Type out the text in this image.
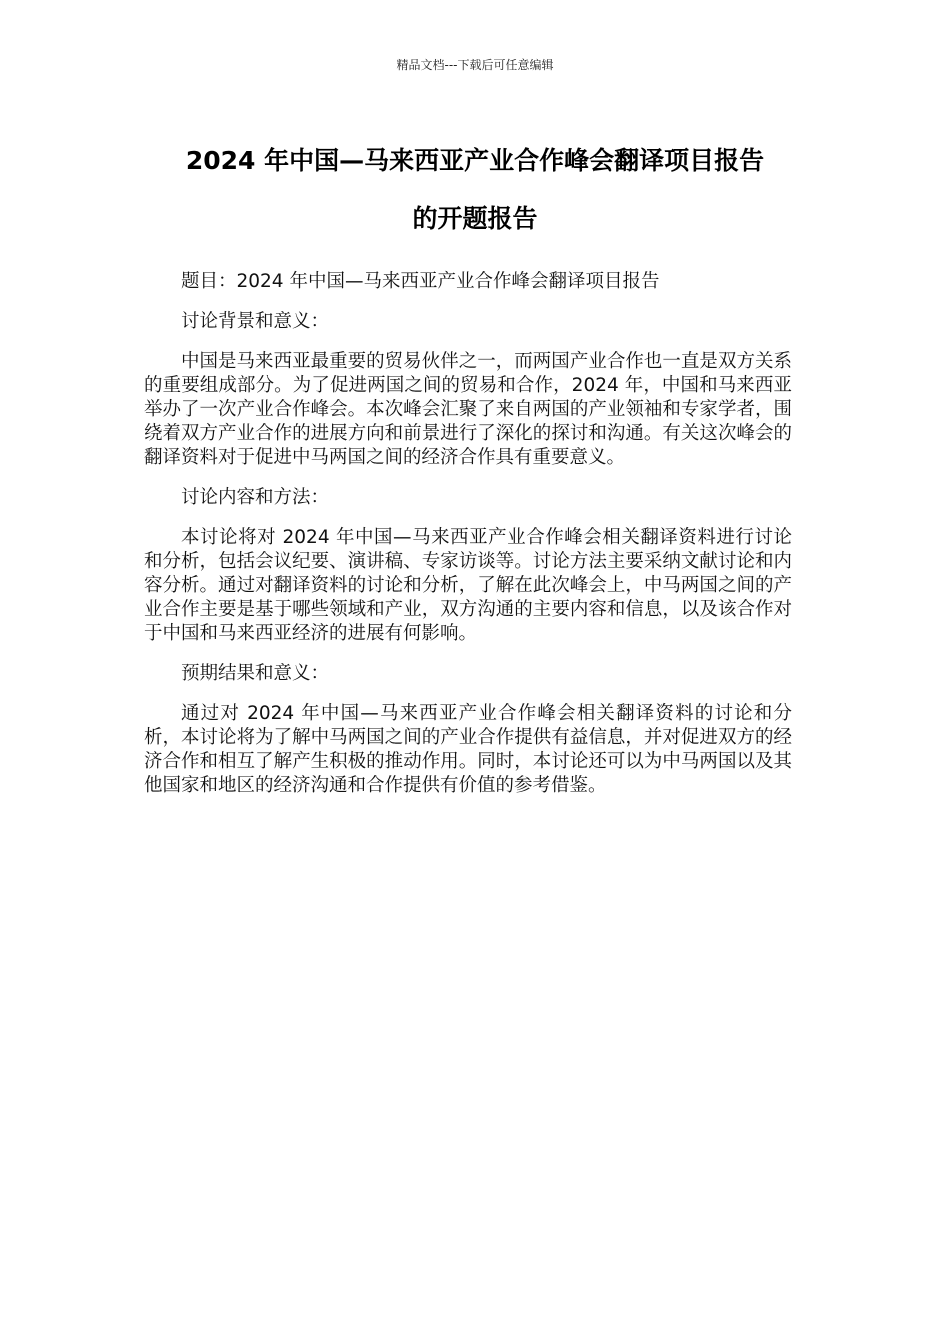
精品文档---下载后可任意编辑
2024 年中国—马来西亚产业合作峰会翻译项目报告
的开题报告

题目：2024 年中国—马来西亚产业合作峰会翻译项目报告

讨论背景和意义：

中国是马来西亚最重要的贸易伙伴之一，而两国产业合作也一直是双方关系的重要组成部分。为了促进两国之间的贸易和合作，2024 年，中国和马来西亚举办了一次产业合作峰会。本次峰会汇聚了来自两国的产业领袖和专家学者，围绕着双方产业合作的进展方向和前景进行了深化的探讨和沟通。有关这次峰会的翻译资料对于促进中马两国之间的经济合作具有重要意义。

讨论内容和方法：

本讨论将对 2024 年中国—马来西亚产业合作峰会相关翻译资料进行讨论和分析，包括会议纪要、演讲稿、专家访谈等。讨论方法主要采纳文献讨论和内容分析。通过对翻译资料的讨论和分析，了解在此次峰会上，中马两国之间的产业合作主要是基于哪些领域和产业，双方沟通的主要内容和信息，以及该合作对于中国和马来西亚经济的进展有何影响。

预期结果和意义：

通过对 2024 年中国—马来西亚产业合作峰会相关翻译资料的讨论和分析，本讨论将为了解中马两国之间的产业合作提供有益信息，并对促进双方的经济合作和相互了解产生积极的推动作用。同时，本讨论还可以为中马两国以及其他国家和地区的经济沟通和合作提供有价值的参考借鉴。
